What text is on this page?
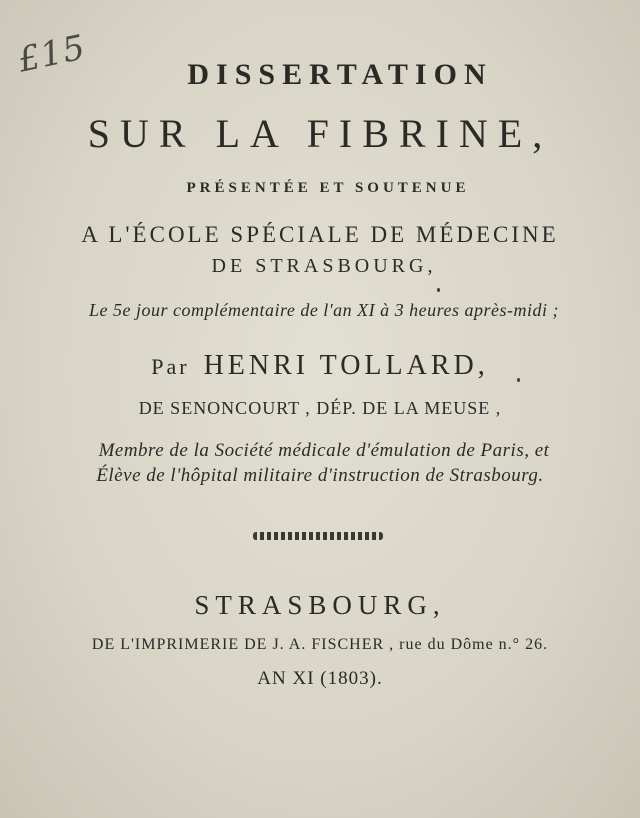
£15	DISSERTATION
SUR LA FIBRINE,
PRÉSENTÉE ET SOUTENUE
A L'ÉCOLE SPÉCIALE DE MÉDECINE
DE STRASBOURG,
Le 5e jour complémentaire de l'an XI à 3 heures après-midi ;
Par HENRI TOLLARD,
DE SENONCOURT , DÉP. DE LA MEUSE ,
Membre de la Société médicale d'émulation de Paris, et
Élève de l'hôpital militaire d'instruction de Strasbourg.
STRASBOURG,
DE L'IMPRIMERIE DE J. A. FISCHER , rue du Dôme n.° 26.
AN XI (1803).
